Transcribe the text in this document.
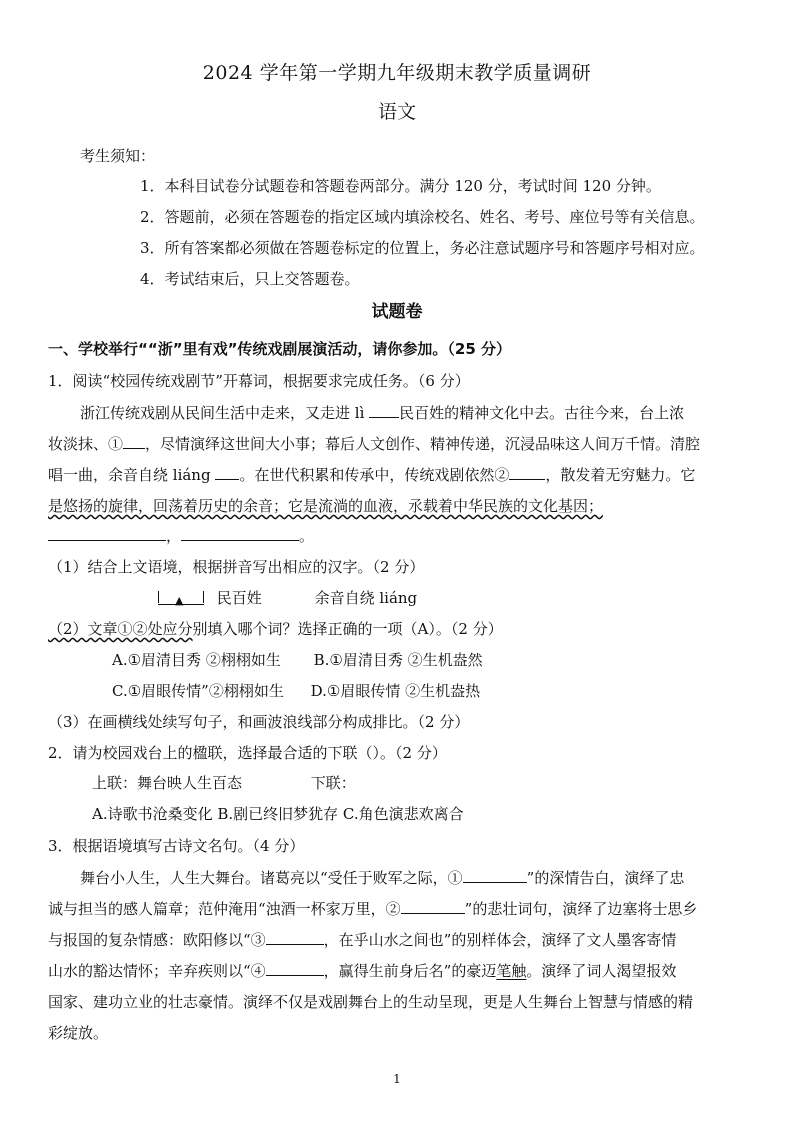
2024 学年第一学期九年级期末教学质量调研
语文
考生须知：
1．本科目试卷分试题卷和答题卷两部分。满分 120 分，考试时间 120 分钟。
2．答题前，必须在答题卷的指定区域内填涂校名、姓名、考号、座位号等有关信息。
3．所有答案都必须做在答题卷标定的位置上，务必注意试题序号和答题序号相对应。
4．考试结束后，只上交答题卷。
试题卷
一、学校举行““浙”里有戏”传统戏剧展演活动，请你参加。（25 分）
1．阅读“校园传统戏剧节”开幕词，根据要求完成任务。（6 分）
浙江传统戏剧从民间生活中走来，又走进 lì 民百姓的精神文化中去。古往今来，台上浓
妆淡抹、① ，尽情演绎这世间大小事；幕后人文创作、精神传递，沉浸品味这人间万千情。清腔
唱一曲，余音自绕 liáng 。在世代积累和传承中，传统戏剧依然② ，散发着无穷魅力。它
是悠扬的旋律，回荡着历史的余音；它是流淌的血液，氶载着中华民族的文化基因；
，	。
（1）结合上文语境，根据拼音写出相应的汉字。（2 分）
▲ 民百姓	余音自绕 liáng
（2）文章①②处应分别填入哪个词？选择正确的一项（A）。（2 分）
A.①眉清目秀 ②栩栩如生 B.①眉清目秀 ②生机盎然
C.①眉眼传情”②栩栩如生 D.①眉眼传情 ②生机盎热
（3）在画横线处续写句子，和画波浪线部分构成排比。（2 分）
2．请为校园戏台上的楹联，选择最合适的下联（）。（2 分）
上联：舞台映人生百态	下联：
A.诗歌书沧桑变化 B.剧已终旧梦犹存 C.角色演悲欢离合
3．根据语境填写古诗文名句。（4 分）
舞台小人生，人生大舞台。诸葛亮以“受任于败军之际，①	”的深情告白，演绎了忠
诚与担当的感人篇章；范仲淹用“浊酒一杯家万里，②	”的悲壮词句，演绎了边塞将士思乡
与报国的复杂情感：欧阳修以“③	，在乎山水之间也”的别样体会，演绎了文人墨客寄情
山水的豁达情怀；辛弃疾则以“④	，赢得生前身后名”的豪迈笔触。演绎了词人渴望报效
国家、建功立业的壮志豪情。演绎不仅是戏剧舞台上的生动呈现，更是人生舞台上智慧与情感的精
彩绽放。
1
